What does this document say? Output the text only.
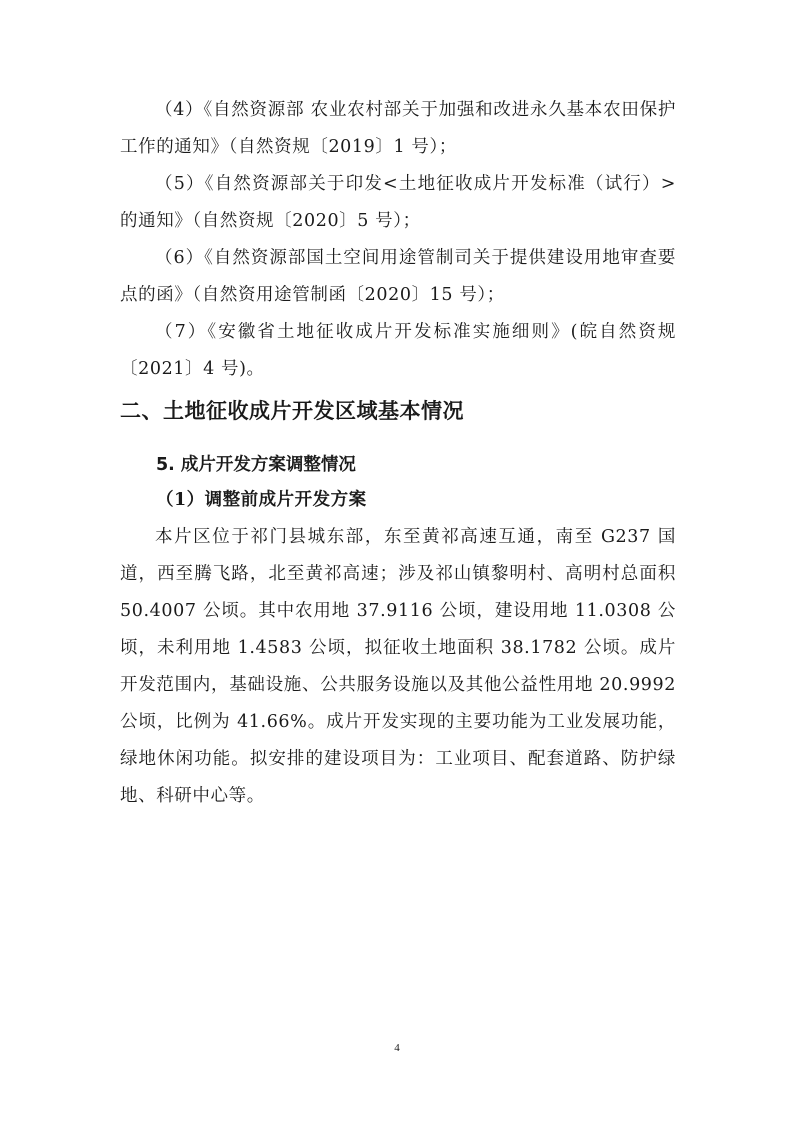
（4）《自然资源部 农业农村部关于加强和改进永久基本农田保护工作的通知》（自然资规〔2019〕1 号）；

（5）《自然资源部关于印发<土地征收成片开发标准（试行）>的通知》（自然资规〔2020〕5 号）；

（6）《自然资源部国土空间用途管制司关于提供建设用地审查要点的函》（自然资用途管制函〔2020〕15 号）；

（7）《安徽省土地征收成片开发标准实施细则》(皖自然资规〔2021〕4 号)。

二、土地征收成片开发区域基本情况
5. 成片开发方案调整情况
（1）调整前成片开发方案

本片区位于祁门县城东部，东至黄祁高速互通，南至 G237 国道，西至腾飞路，北至黄祁高速；涉及祁山镇黎明村、高明村总面积 50.4007 公顷。其中农用地 37.9116 公顷，建设用地 11.0308 公顷，未利用地 1.4583 公顷，拟征收土地面积 38.1782 公顷。成片开发范围内，基础设施、公共服务设施以及其他公益性用地 20.9992 公顷，比例为 41.66%。成片开发实现的主要功能为工业发展功能，绿地休闲功能。拟安排的建设项目为：工业项目、配套道路、防护绿地、科研中心等。

4
